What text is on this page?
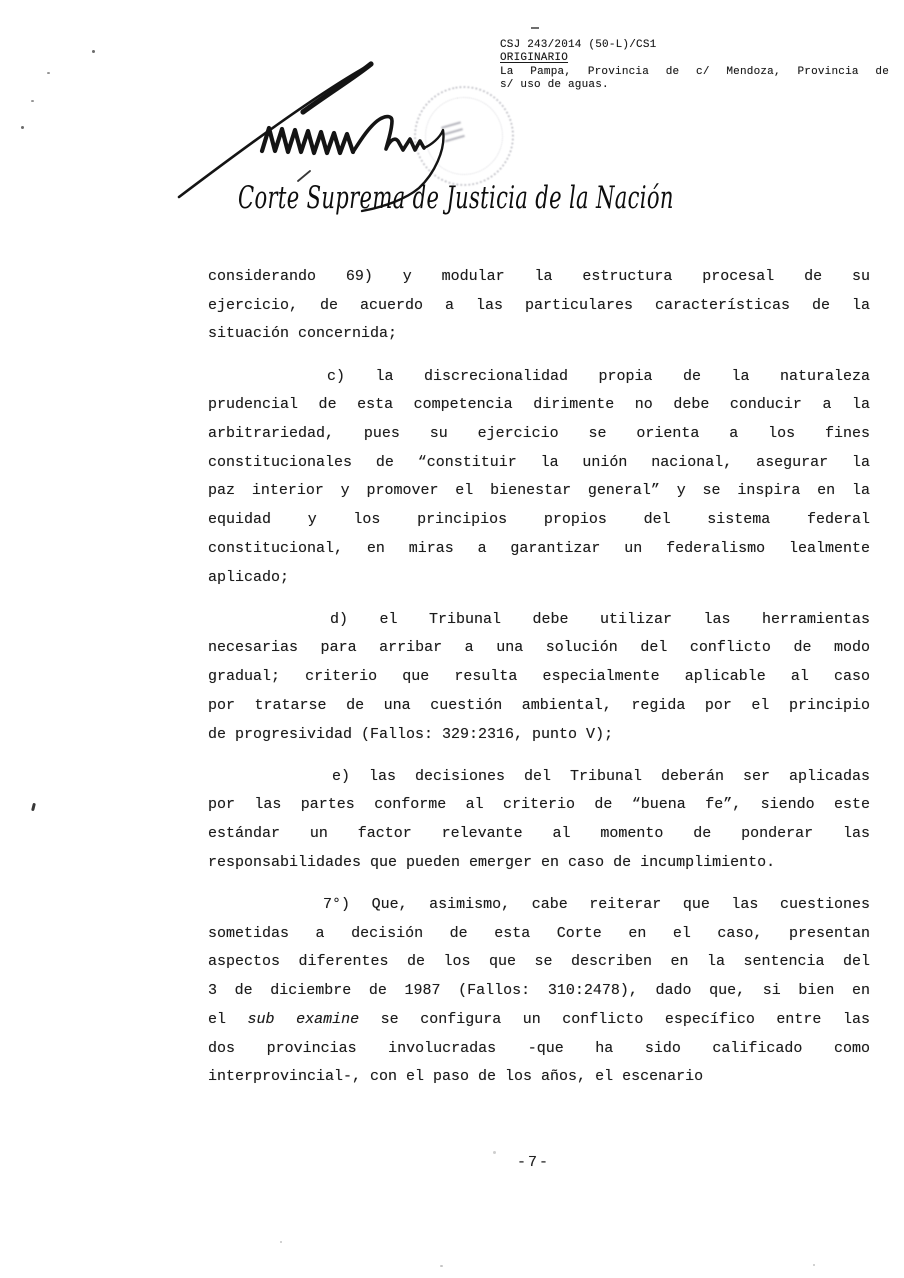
CSJ 243/2014 (50-L)/CS1
ORIGINARIO
La Pampa, Provincia de c/ Mendoza, Provincia de
s/ uso de aguas.
Corte Suprema de Justicia de la Nación
considerando 69) y modular la estructura procesal de su
ejercicio, de acuerdo a las particulares características de la
situación concernida;
c) la discrecionalidad propia de la naturaleza
prudencial de esta competencia dirimente no debe conducir a la
arbitrariedad, pues su ejercicio se orienta a los fines
constitucionales de “constituir la unión nacional, asegurar la
paz interior y promover el bienestar general” y se inspira en la
equidad y los principios propios del sistema federal
constitucional, en miras a garantizar un federalismo lealmente
aplicado;
d) el Tribunal debe utilizar las herramientas
necesarias para arribar a una solución del conflicto de modo
gradual; criterio que resulta especialmente aplicable al caso
por tratarse de una cuestión ambiental, regida por el principio
de progresividad (Fallos: 329:2316, punto V);
e) las decisiones del Tribunal deberán ser aplicadas
por las partes conforme al criterio de “buena fe”, siendo este
estándar un factor relevante al momento de ponderar las
responsabilidades que pueden emerger en caso de incumplimiento.
7°) Que, asimismo, cabe reiterar que las cuestiones
sometidas a decisión de esta Corte en el caso, presentan
aspectos diferentes de los que se describen en la sentencia del
3 de diciembre de 1987 (Fallos: 310:2478), dado que, si bien en
el sub examine se configura un conflicto específico entre las
dos provincias involucradas -que ha sido calificado como
interprovincial-, con el paso de los años, el escenario
-7-
